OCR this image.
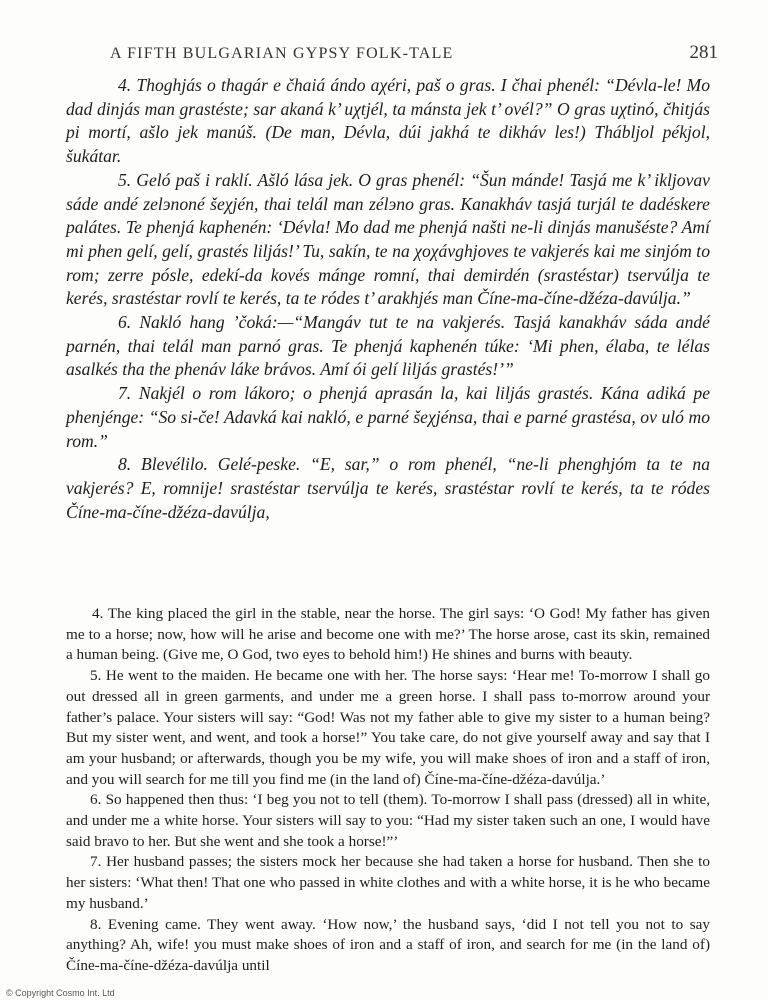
A FIFTH BULGARIAN GYPSY FOLK-TALE	281

4. Thoghjás o thagár e čhaiá ándo aχéri, paš o gras. I čhai phenél: “Dévla-le! Mo dad dinjás man grastéste; sar akaná k’ uχtjél, ta mánsta jek t’ ovél?” O gras uχtinó, čhitjás pi mortí, ašlo jek manúš. (De man, Dévla, dúi jakhá te dikháv les!) Thábljol pékjol, šukátar.

5. Geló paš i raklí. Ašló lása jek. O gras phenél: “Šun mánde! Tasjá me k’ ikljovav sáde andé zelэnoné šeχjén, thai telál man zélэno gras. Kanakháv tasjá turjál te dadéskere paláteѕ. Te phenjá kaphenén: ‘Dévla! Mo dad me phenjá našti ne-li dinjás manušéste? Amí mi phen gelí, gelí, grastés liljás!’ Tu, sakín, te na χoχávghjoves te vakjerés kai me sinjóm to rom; zerre pósle, edekí-da kovés mánge romní, thai demirdén (srastéstar) tservúlja te kerés, srastéstar rovlí te kerés, ta te ródes t’ arakhjés man Číne-ma-číne-džéza-davúlja.”

6. Nakló hang ’čoká:—“Mangáv tut te na vakjerés. Tasjá kanakháv sáda andé parnén, thai telál man parnó gras. Te phenjá kaphenén túke: ‘Mi phen, élaba, te lélas asalkés tha the phenáv láke brávos. Amí ói gelí liljás grastés!’”

7. Nakjél o rom lákoro; o phenjá aprasán la, kai liljás grastés. Kána adiká pe phenjénge: “So si-če! Adavká kai nakló, e parné šeχjénsa, thai e parné grastésa, ov uló mo rom.”

8. Blevélilo. Gelé-peske. “E, sar,” o rom phenél, “ne-li phenghjóm ta te na vakjerés? E, romnije! srastéstar tservúlja te kerés, srastéstar rovlí te kerés, ta te ródes Číne-ma-číne-džéza-davúlja,

4. The king placed the girl in the stable, near the horse. The girl says: ‘O God! My father has given me to a horse; now, how will he arise and become one with me?’ The horse arose, cast its skin, remained a human being. (Give me, O God, two eyes to behold him!) He shines and burns with beauty.

5. He went to the maiden. He became one with her. The horse says: ‘Hear me! To-morrow I shall go out dressed all in green garments, and under me a green horse. I shall pass to-morrow around your father’s palace. Your sisters will say: “God! Was not my father able to give my sister to a human being? But my sister went, and went, and took a horse!” You take care, do not give yourself away and say that I am your husband; or afterwards, though you be my wife, you will make shoes of iron and a staff of iron, and you will search for me till you find me (in the land of) Číne-ma-číne-džéza-davúlja.’

6. So happened then thus: ‘I beg you not to tell (them). To-morrow I shall pass (dressed) all in white, and under me a white horse. Your sisters will say to you: “Had my sister taken such an one, I would have said bravo to her. But she went and she took a horse!”’

7. Her husband passes; the sisters mock her because she had taken a horse for husband. Then she to her sisters: ‘What then! That one who passed in white clothes and with a white horse, it is he who became my husband.’

8. Evening came. They went away. ‘How now,’ the husband says, ‘did I not tell you not to say anything? Ah, wife! you must make shoes of iron and a staff of iron, and search for me (in the land of) Číne-ma-číne-džéza-davúlja until

© Copyright Cosmo Int. Ltd
